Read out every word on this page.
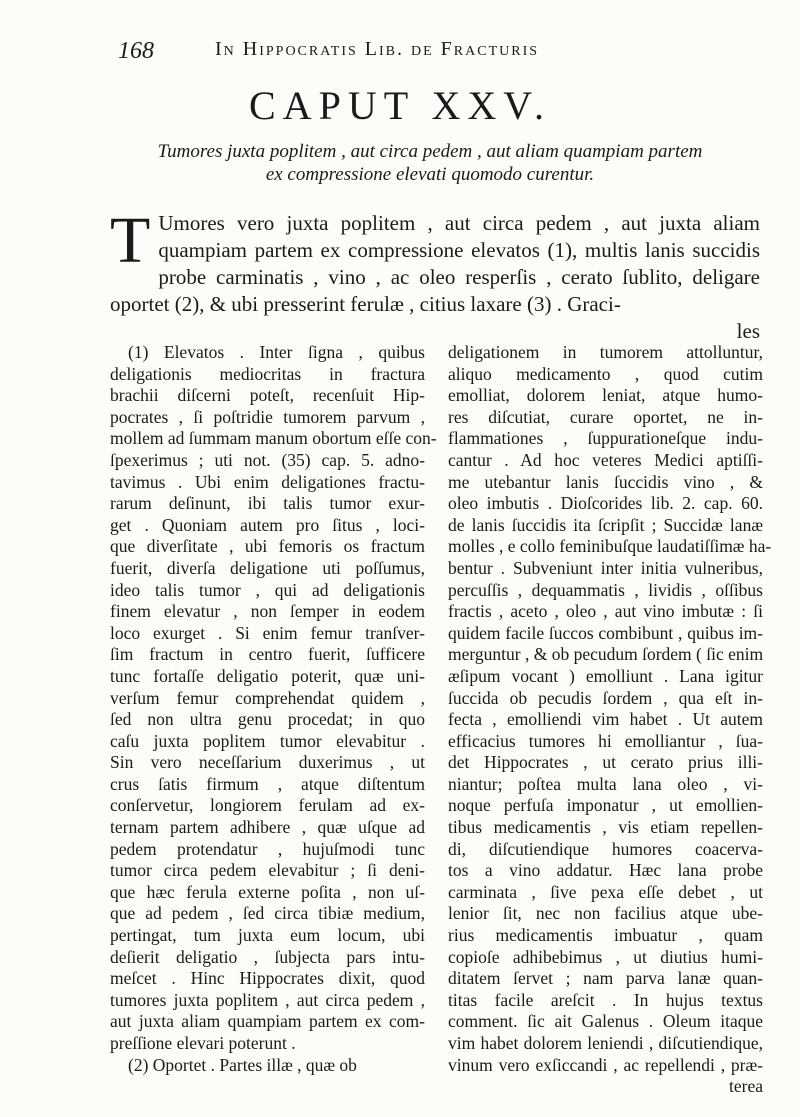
168	In Hippocratis Lib. de Fracturis
CAPUT XXV.
Tumores juxta poplitem , aut circa pedem , aut aliam quampiam partem
ex compressione elevati quomodo curentur.
T Umores vero juxta poplitem , aut circa pedem , aut juxta aliam quampiam partem ex compressione elevatos (1), multis lanis succidis probe carminatis , vino , ac oleo resperſis , cerato ſublito, deligare oportet (2), & ubi presserint ferulæ , citius laxare (3) . Graci-

les

(1) Elevatos . Inter ſigna , quibus
deligationis mediocritas in fractura
brachii diſcerni poteſt, recenſuit Hip-
pocrates , ſi poſtridie tumorem parvum ,
mollem ad ſummam manum obortum eſſe con-
ſpexerimus ; uti not. (35) cap. 5. adno-
tavimus . Ubi enim deligationes fractu-
rarum deſinunt, ibi talis tumor exur-
get . Quoniam autem pro ſitus , loci-
que diverſitate , ubi femoris os fractum
fuerit, diverſa deligatione uti poſſumus,
ideo talis tumor , qui ad deligationis
finem elevatur , non ſemper in eodem
loco exurget . Si enim femur tranſver-
ſim fractum in centro fuerit, ſufficere
tunc fortaſſe deligatio poterit, quæ uni-
verſum femur comprehendat quidem ,
ſed non ultra genu procedat; in quo
caſu juxta poplitem tumor elevabitur .
Sin vero neceſſarium duxerimus , ut
crus ſatis firmum , atque diſtentum
conſervetur, longiorem ferulam ad ex-
ternam partem adhibere , quæ uſque ad
pedem protendatur , hujuſmodi tunc
tumor circa pedem elevabitur ; ſi deni-
que hæc ferula externe poſita , non uſ-
que ad pedem , ſed circa tibiæ medium,
pertingat, tum juxta eum locum, ubi
deſierit deligatio , ſubjecta pars intu-
meſcet . Hinc Hippocrates dixit, quod
tumores juxta poplitem , aut circa pedem ,
aut juxta aliam quampiam partem ex com-
preſſione elevari poterunt .
(2) Oportet . Partes illæ , quæ ob
deligationem in tumorem attolluntur,
aliquo medicamento , quod cutim
emolliat, dolorem leniat, atque humo-
res diſcutiat, curare oportet, ne in-
flammationes , ſuppurationeſque indu-
cantur . Ad hoc veteres Medici aptiſſi-
me utebantur lanis ſuccidis vino , &
oleo imbutis . Dioſcorides lib. 2. cap. 60.
de lanis ſuccidis ita ſcripſit ; Succidæ lanæ
molles , e collo feminibuſque laudatiſſimæ ha-
bentur . Subveniunt inter initia vulneribus,
percuſſis , dequammatis , lividis , oſſibus
fractis , aceto , oleo , aut vino imbutæ : ſi
quidem facile ſuccos combibunt , quibus im-
merguntur , & ob pecudum ſordem ( ſic enim
æſipum vocant ) emolliunt . Lana igitur
ſuccida ob pecudis ſordem , qua eſt in-
fecta , emolliendi vim habet . Ut autem
efficacius tumores hi emolliantur , ſua-
det Hippocrates , ut cerato prius illi-
niantur; poſtea multa lana oleo , vi-
noque perfuſa imponatur , ut emollien-
tibus medicamentis , vis etiam repellen-
di, diſcutiendique humores coacerva-
tos a vino addatur. Hæc lana probe
carminata , ſive pexa eſſe debet , ut
lenior ſit, nec non facilius atque ube-
rius medicamentis imbuatur , quam
copioſe adhibebimus , ut diutius humi-
ditatem ſervet ; nam parva lanæ quan-
titas facile areſcit . In hujus textus
comment. ſic ait Galenus . Oleum itaque
vim habet dolorem leniendi , diſcutiendique,
vinum vero exſiccandi , ac repellendi , præ-
terea
